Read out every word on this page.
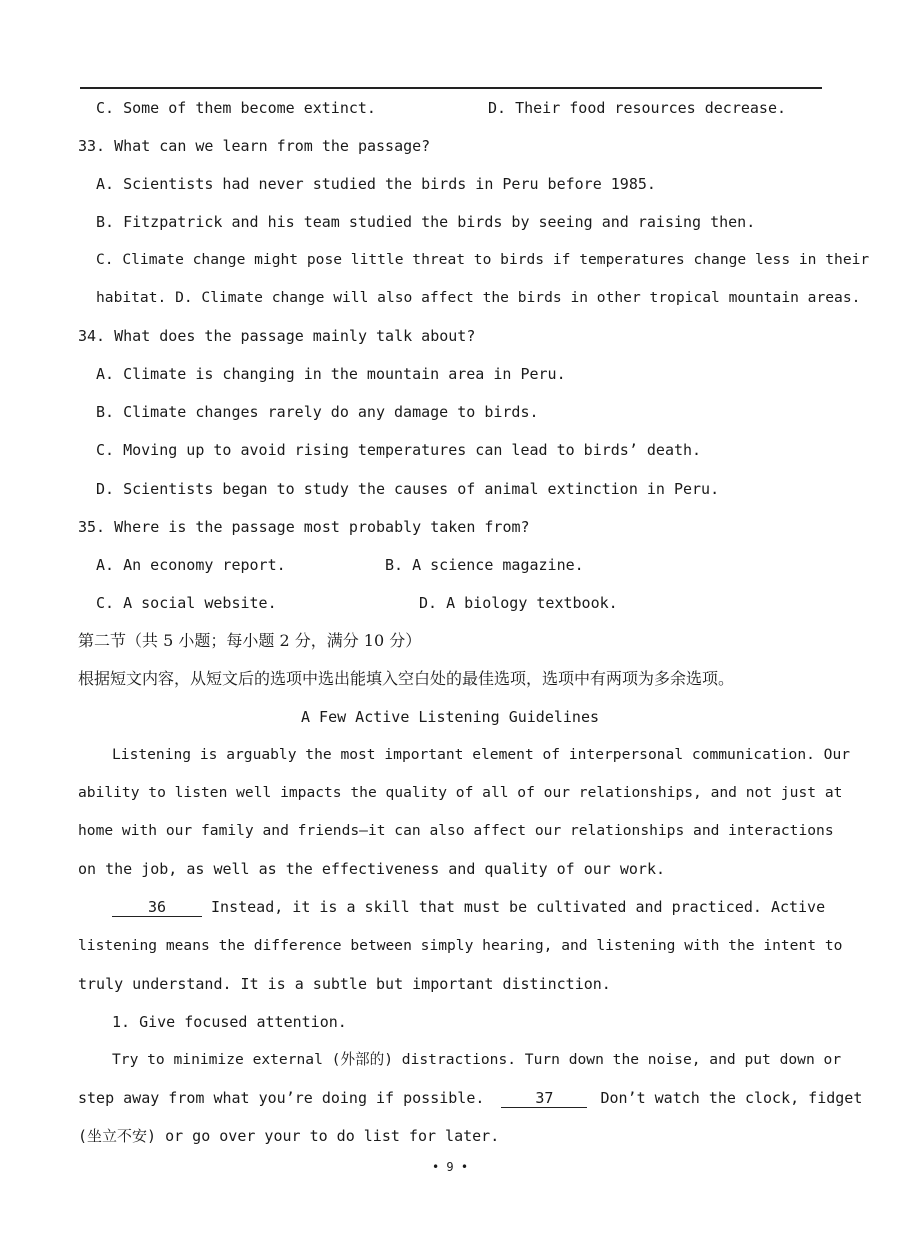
C. Some of them become extinct.	D. Their food resources decrease.
33. What can we learn from the passage?
A. Scientists had never studied the birds in Peru before 1985.
B. Fitzpatrick and his team studied the birds by seeing and raising then.
C. Climate change might pose little threat to birds if temperatures change less in their
habitat. D. Climate change will also affect the birds in other tropical mountain areas.
34. What does the passage mainly talk about?
A. Climate is changing in the mountain area in Peru.
B. Climate changes rarely do any damage to birds.
C. Moving up to avoid rising temperatures can lead to birds’ death.
D. Scientists began to study the causes of animal extinction in Peru.
35. Where is the passage most probably taken from?
A. An economy report.	B. A science magazine.
C. A social website.	D. A biology textbook.
第二节（共 5 小题；每小题 2 分，满分 10 分）
根据短文内容，从短文后的选项中选出能填入空白处的最佳选项，选项中有两项为多余选项。
A Few Active Listening Guidelines
Listening is arguably the most important element of interpersonal communication. Our
ability to listen well impacts the quality of all of our relationships, and not just at
home with our family and friends—it can also affect our relationships and interactions
on the job, as well as the effectiveness and quality of our work.
36	Instead, it is a skill that must be cultivated and practiced. Active
listening means the difference between simply hearing, and listening with the intent to
truly understand. It is a subtle but important distinction.
1. Give focused attention.
Try to minimize external (外部的) distractions. Turn down the noise, and put down or
step away from what you’re doing if possible.	37	Don’t watch the clock, fidget
(坐立不安) or go over your to do list for later.
• 9 •
